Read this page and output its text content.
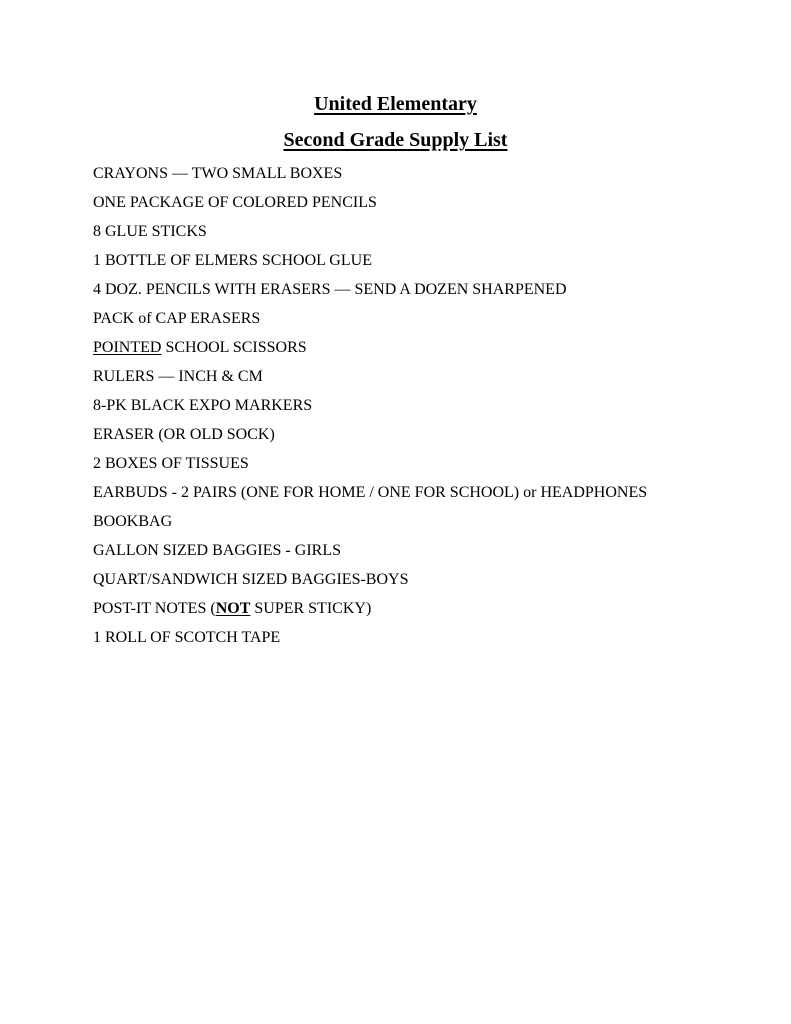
United Elementary
Second Grade Supply List
CRAYONS — TWO SMALL BOXES
ONE PACKAGE OF COLORED PENCILS
8 GLUE STICKS
1 BOTTLE OF ELMERS SCHOOL GLUE
4 DOZ. PENCILS WITH ERASERS — SEND A DOZEN SHARPENED
PACK of CAP ERASERS
POINTED SCHOOL SCISSORS
RULERS — INCH & CM
8-PK BLACK EXPO MARKERS
ERASER (OR OLD SOCK)
2 BOXES OF TISSUES
EARBUDS - 2 PAIRS (ONE FOR HOME / ONE FOR SCHOOL) or HEADPHONES
BOOKBAG
GALLON SIZED BAGGIES - GIRLS
QUART/SANDWICH SIZED BAGGIES-BOYS
POST-IT NOTES (NOT SUPER STICKY)
1 ROLL OF SCOTCH TAPE
